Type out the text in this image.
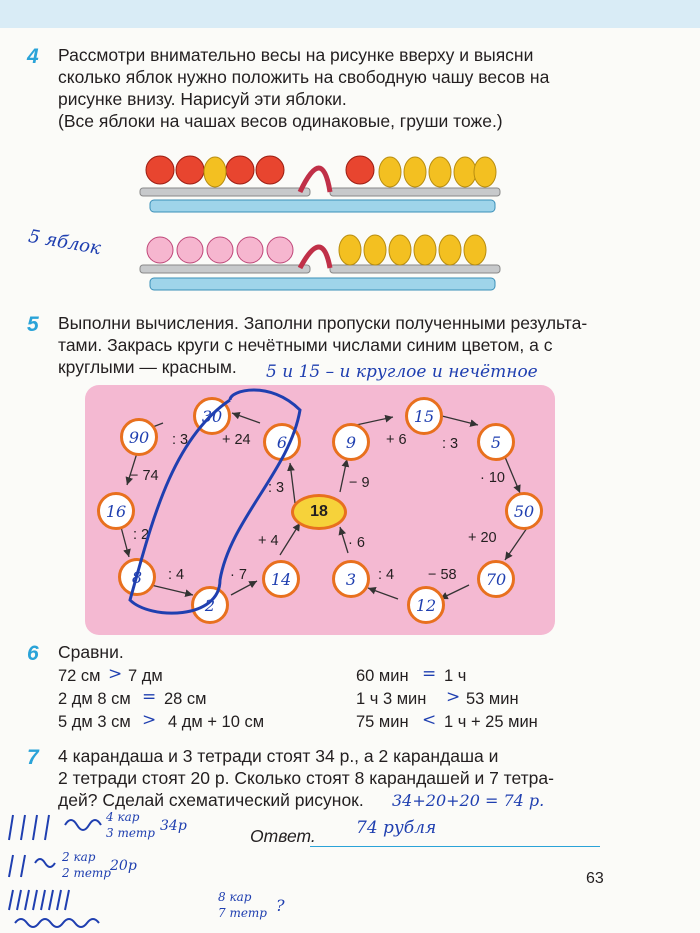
4 Рассмотри внимательно весы на рисунке вверху и выясни
сколько яблок нужно положить на свободную чашу весов на
рисунке внизу. Нарисуй эти яблоки.
(Все яблоки на чашах весов одинаковые, груши тоже.)
5 яблок
5 Выполни вычисления. Заполни пропуски полученными результа-
тами. Закрась круги с нечётными числами синим цветом, а с
круглыми — красным. 5 и 15 – и круглое и нечётное
90
30
6
16
8
2
14
9
15
5
50
70
12
3
18
: 3 + 24
− 74
: 3
: 2
: 4	· 7
+ 4
+ 6 : 3
− 9	· 10
· 6	+ 20
: 4 − 58
6 Сравни.
72 см > 7 дм
2 дм 8 см = 28 см
5 дм 3 см > 4 дм + 10 см
60 мин = 1 ч
1 ч 3 мин > 53 мин
75 мин < 1 ч + 25 мин
7 4 карандаша и 3 тетради стоят 34 р., а 2 карандаша и
2 тетради стоят 20 р. Сколько стоят 8 карандашей и 7 тетра-
дей? Сделай схематический рисунок. 34+20+20 = 74 р.
Ответ. 74 рубля
4 кар
3 тетр 34р
2 кар
2 тетр 20р
8 кар
7 тетр ?
63
